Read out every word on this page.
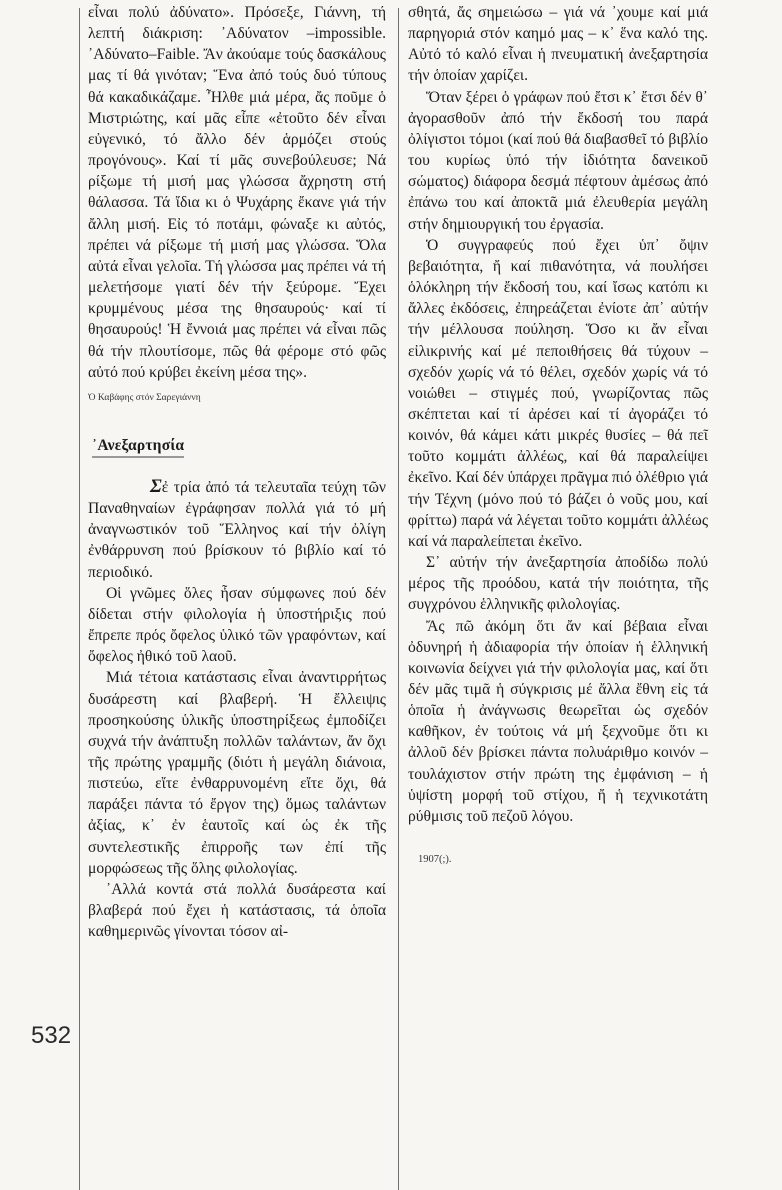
532

εἶναι πολύ ἀδύνατο». Πρόσεξε, Γιάννη, τή λεπτή διάκριση: ᾿Αδύνατον –impossible. ᾿Αδύνατο–Faible. Ἄν ἀκούαμε τούς δασκάλους μας τί θά γινόταν; Ἕνα ἀπό τούς δυό τύπους θά κακαδικάζαμε. Ἦλθε μιά μέρα, ἄς ποῦμε ὁ Μιστριώτης, καί μᾶς εἶπε «ἐτοῦτο δέν εἶναι εὐγενικό, τό ἄλλο δέν ἁρμόζει στούς προγόνους». Καί τί μᾶς συνεβούλευσε; Νά ρίξωμε τή μισή μας γλώσσα ἄχρηστη στή θάλασσα. Τά ἴδια κι ὁ Ψυχάρης ἔκανε γιά τήν ἄλλη μισή. Εἰς τό ποτάμι, φώναξε κι αὐτός, πρέπει νά ρίξωμε τή μισή μας γλώσσα. Ὅλα αὐτά εἶναι γελοῖα. Τή γλώσσα μας πρέπει νά τή μελετήσομε γιατί δέν τήν ξεύρομε. Ἔχει κρυμμένους μέσα της θησαυρούς· καί τί θησαυρούς! Ἡ ἔννοιά μας πρέπει νά εἶναι πῶς θά τήν πλουτίσομε, πῶς θά φέρομε στό φῶς αὐτό πού κρύβει ἐκείνη μέσα της».

Ὁ Καβάφης στόν Σαρεγιάννη

᾿Ανεξαρτησία

Σἐ τρία ἀπό τά τελευταῖα τεύχη τῶν Παναθηναίων ἐγράφησαν πολλά γιά τό μή ἀναγνωστικόν τοῦ Ἕλληνος καί τήν ὀλίγη ἐνθάρρυνση πού βρίσκουν τό βιβλίο καί τό περιοδικό.

Οἱ γνῶμες ὅλες ἦσαν σύμφωνες πού δέν δίδεται στήν φιλολογία ἡ ὑποστήριξις πού ἔπρεπε πρός ὄφελος ὑλικό τῶν γραφόντων, καί ὄφελος ἠθικό τοῦ λαοῦ.

Μιά τέτοια κατάστασις εἶναι ἀναντιρρήτως δυσάρεστη καί βλαβερή. Ἡ ἔλλειψις προσηκούσης ὑλικῆς ὑποστηρίξεως ἐμποδίζει συχνά τήν ἀνάπτυξη πολλῶν ταλάντων, ἄν ὄχι τῆς πρώτης γραμμῆς (διότι ἡ μεγάλη διάνοια, πιστεύω, εἴτε ἐνθαρρυνομένη εἴτε ὄχι, θά παράξει πάντα τό ἔργον της) ὅμως ταλάντων ἀξίας, κ᾿ ἐν ἑαυτοῖς καί ὡς ἐκ τῆς συντελεστικῆς ἐπιρροῆς των ἐπί τῆς μορφώσεως τῆς ὅλης φιλολογίας.

᾿Αλλά κοντά στά πολλά δυσάρεστα καί βλαβερά πού ἔχει ἡ κατάστασις, τά ὁποῖα καθημερινῶς γίνονται τόσον αἰ-

σθητά, ἄς σημειώσω – γιά νά ᾿χουμε καί μιά παρηγοριά στόν καημό μας – κ᾿ ἕνα καλό της. Αὐτό τό καλό εἶναι ἡ πνευματική ἀνεξαρτησία τήν ὁποίαν χαρίζει.

Ὅταν ξέρει ὁ γράφων πού ἔτσι κ᾿ ἔτσι δέν θ᾿ ἀγορασθοῦν ἀπό τήν ἔκδοσή του παρά ὀλίγιστοι τόμοι (καί πού θά διαβασθεῖ τό βιβλίο του κυρίως ὑπό τήν ἰδιότητα δανεικοῦ σώματος) διάφορα δεσμά πέφτουν ἀμέσως ἀπό ἐπάνω του καί ἀποκτᾶ μιά ἐλευθερία μεγάλη στήν δημιουργική του ἐργασία.

Ὁ συγγραφεύς πού ἔχει ὑπ᾿ ὄψιν βεβαιότητα, ἤ καί πιθανότητα, νά πουλήσει ὁλόκληρη τήν ἔκδοσή του, καί ἴσως κατόπι κι ἄλλες ἐκδόσεις, ἐπηρεάζεται ἐνίοτε ἀπ᾿ αὐτήν τήν μέλλουσα πούληση. Ὅσο κι ἄν εἶναι εἰλικρινής καί μέ πεποιθήσεις θά τύχουν – σχεδόν χωρίς νά τό θέλει, σχεδόν χωρίς νά τό νοιώθει – στιγμές πού, γνωρίζοντας πῶς σκέπτεται καί τί ἀρέσει καί τί ἀγοράζει τό κοινόν, θά κάμει κάτι μικρές θυσίες – θά πεῖ τοῦτο κομμάτι ἀλλέως, καί θά παραλείψει ἐκεῖνο. Καί δέν ὑπάρχει πρᾶγμα πιό ὀλέθριο γιά τήν Τέχνη (μόνο πού τό βάζει ὁ νοῦς μου, καί φρίττω) παρά νά λέγεται τοῦτο κομμάτι ἀλλέως καί νά παραλείπεται ἐκεῖνο.

Σ᾿ αὐτήν τήν ἀνεξαρτησία ἀποδίδω πολύ μέρος τῆς προόδου, κατά τήν ποιότητα, τῆς συγχρόνου ἑλληνικῆς φιλολογίας.

Ἄς πῶ ἀκόμη ὅτι ἄν καί βέβαια εἶναι ὀδυνηρή ἡ ἀδιαφορία τήν ὁποίαν ἡ ἑλληνική κοινωνία δείχνει γιά τήν φιλολογία μας, καί ὅτι δέν μᾶς τιμᾶ ἡ σύγκρισις μέ ἄλλα ἔθνη εἰς τά ὁποῖα ἡ ἀνάγνωσις θεωρεῖται ὡς σχεδόν καθῆκον, ἐν τούτοις νά μή ξεχνοῦμε ὅτι κι ἀλλοῦ δέν βρίσκει πάντα πολυάριθμο κοινόν – τουλάχιστον στήν πρώτη της ἐμφάνιση – ἡ ὑψίστη μορφή τοῦ στίχου, ἤ ἡ τεχνικοτάτη ρύθμισις τοῦ πεζοῦ λόγου.

1907(;).
